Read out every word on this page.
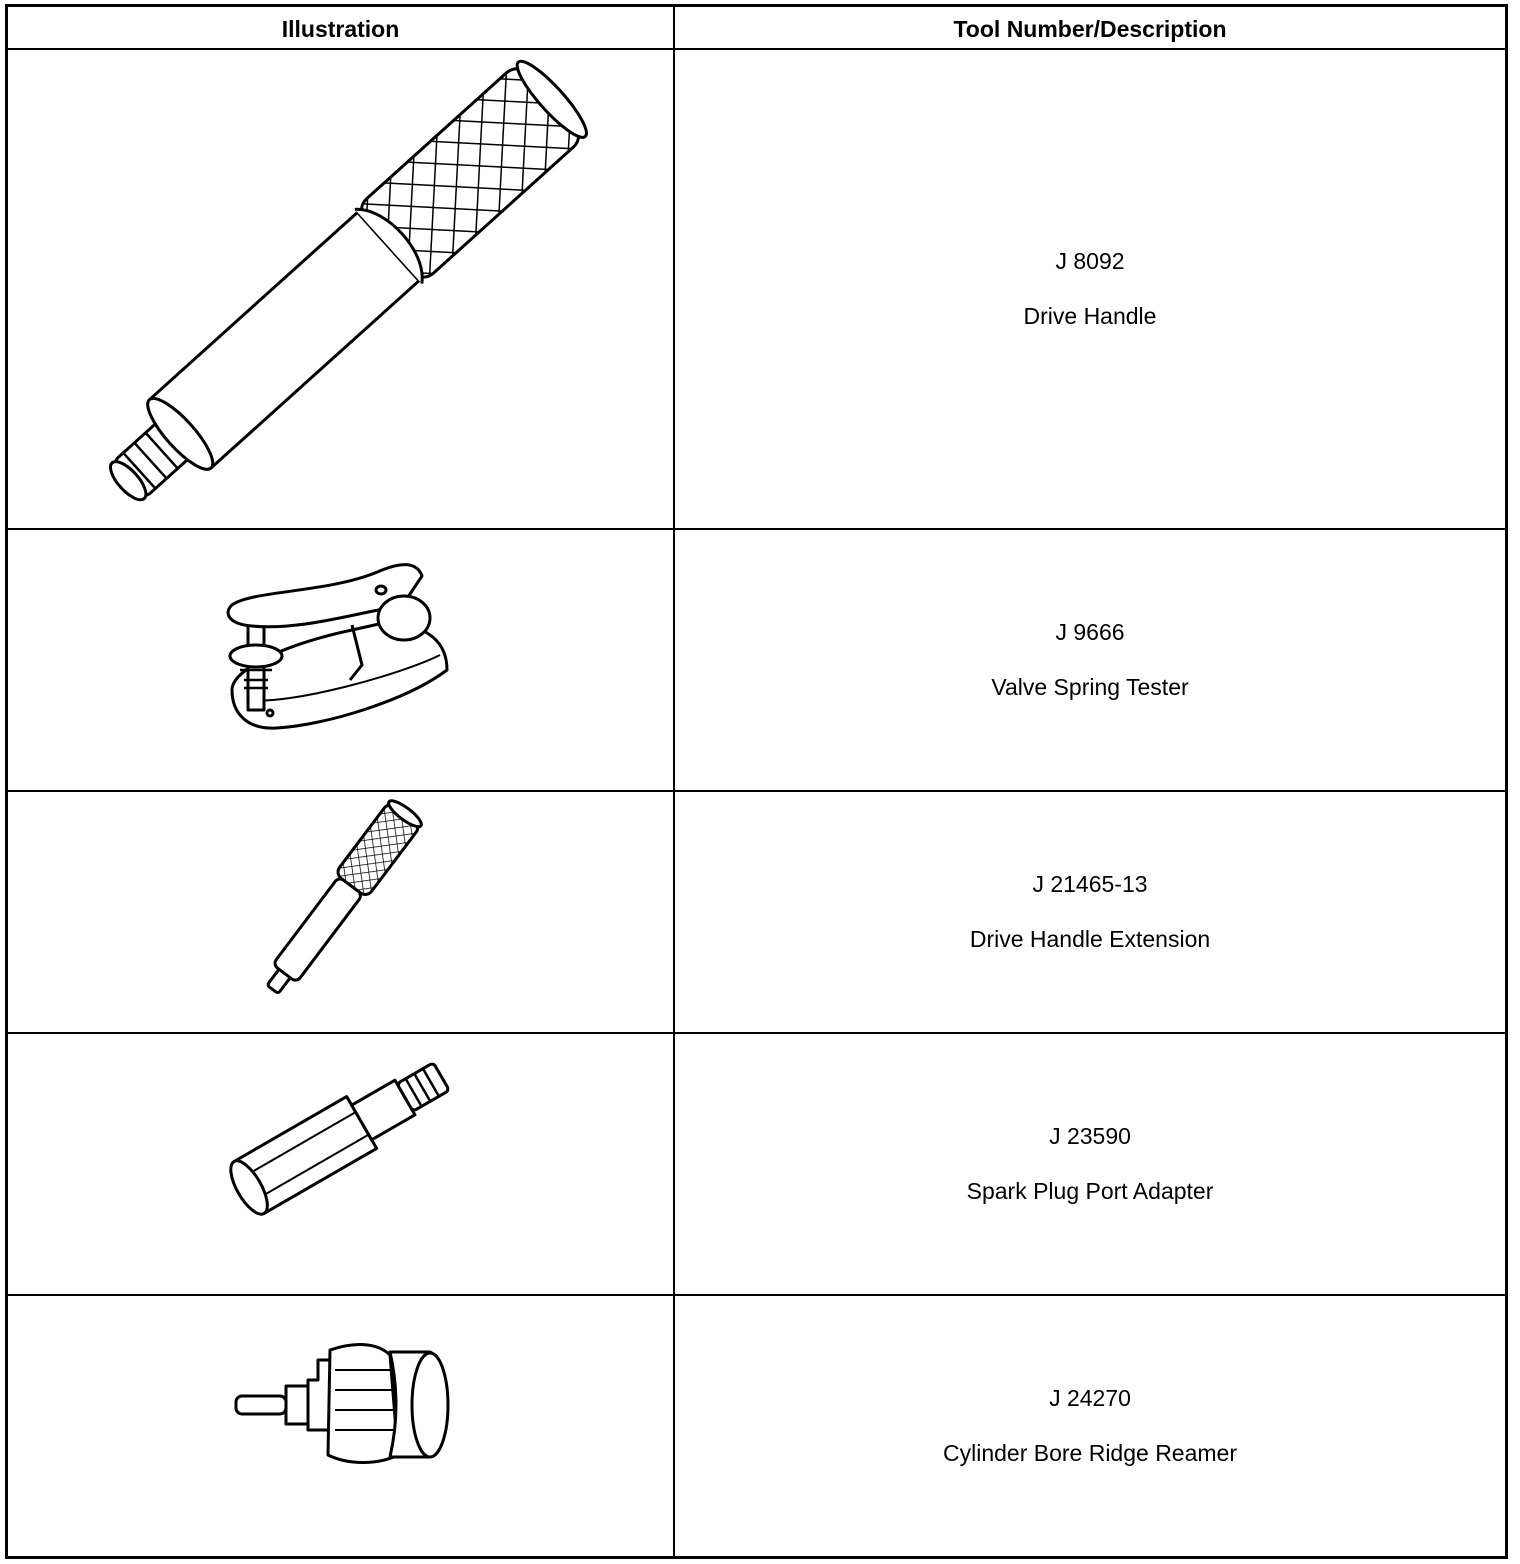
Illustration	Tool Number/Description
J 8092
Drive Handle
J 9666
Valve Spring Tester
J 21465-13
Drive Handle Extension
J 23590
Spark Plug Port Adapter
J 24270
Cylinder Bore Ridge Reamer
